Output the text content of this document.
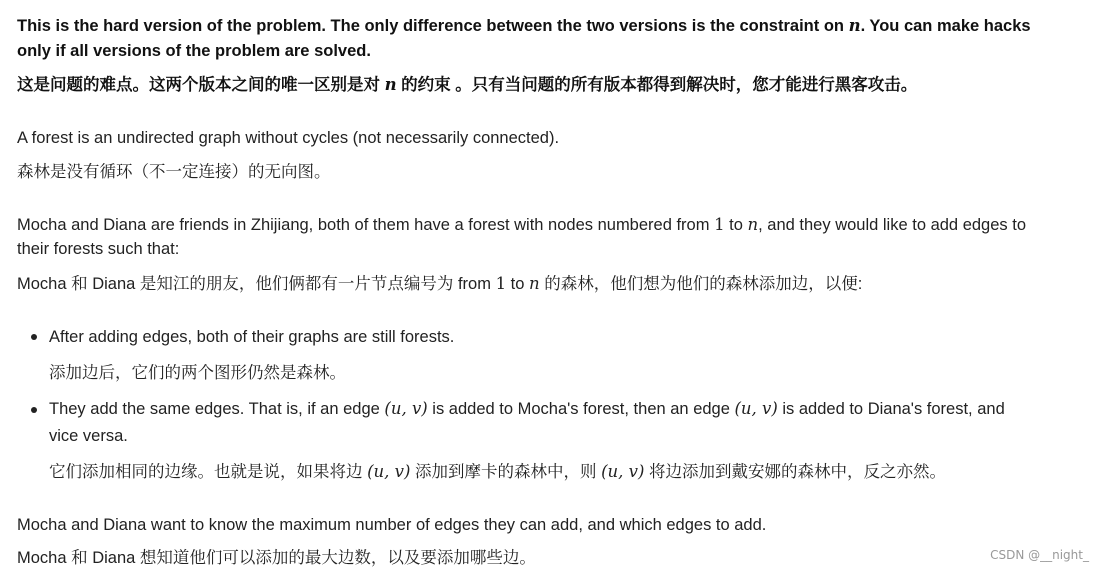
This is the hard version of the problem. The only difference between the two versions is the constraint on n. You can make hacks
only if all versions of the problem are solved.
这是问题的难点。这两个版本之间的唯一区别是对 n 的约束 。只有当问题的所有版本都得到解决时，您才能进行黑客攻击。
A forest is an undirected graph without cycles (not necessarily connected).
森林是没有循环（不一定连接）的无向图。
Mocha and Diana are friends in Zhijiang, both of them have a forest with nodes numbered from 1 to n, and they would like to add edges to
their forests such that:
Mocha 和 Diana 是知江的朋友，他们俩都有一片节点编号为 from 1 to n 的森林，他们想为他们的森林添加边，以便:
After adding edges, both of their graphs are still forests.
添加边后，它们的两个图形仍然是森林。
They add the same edges. That is, if an edge (u, v) is added to Mocha's forest, then an edge (u, v) is added to Diana's forest, and
vice versa.
它们添加相同的边缘。也就是说，如果将边 (u, v) 添加到摩卡的森林中，则 (u, v) 将边添加到戴安娜的森林中，反之亦然。
Mocha and Diana want to know the maximum number of edges they can add, and which edges to add.
Mocha 和 Diana 想知道他们可以添加的最大边数，以及要添加哪些边。	CSDN @__night_
